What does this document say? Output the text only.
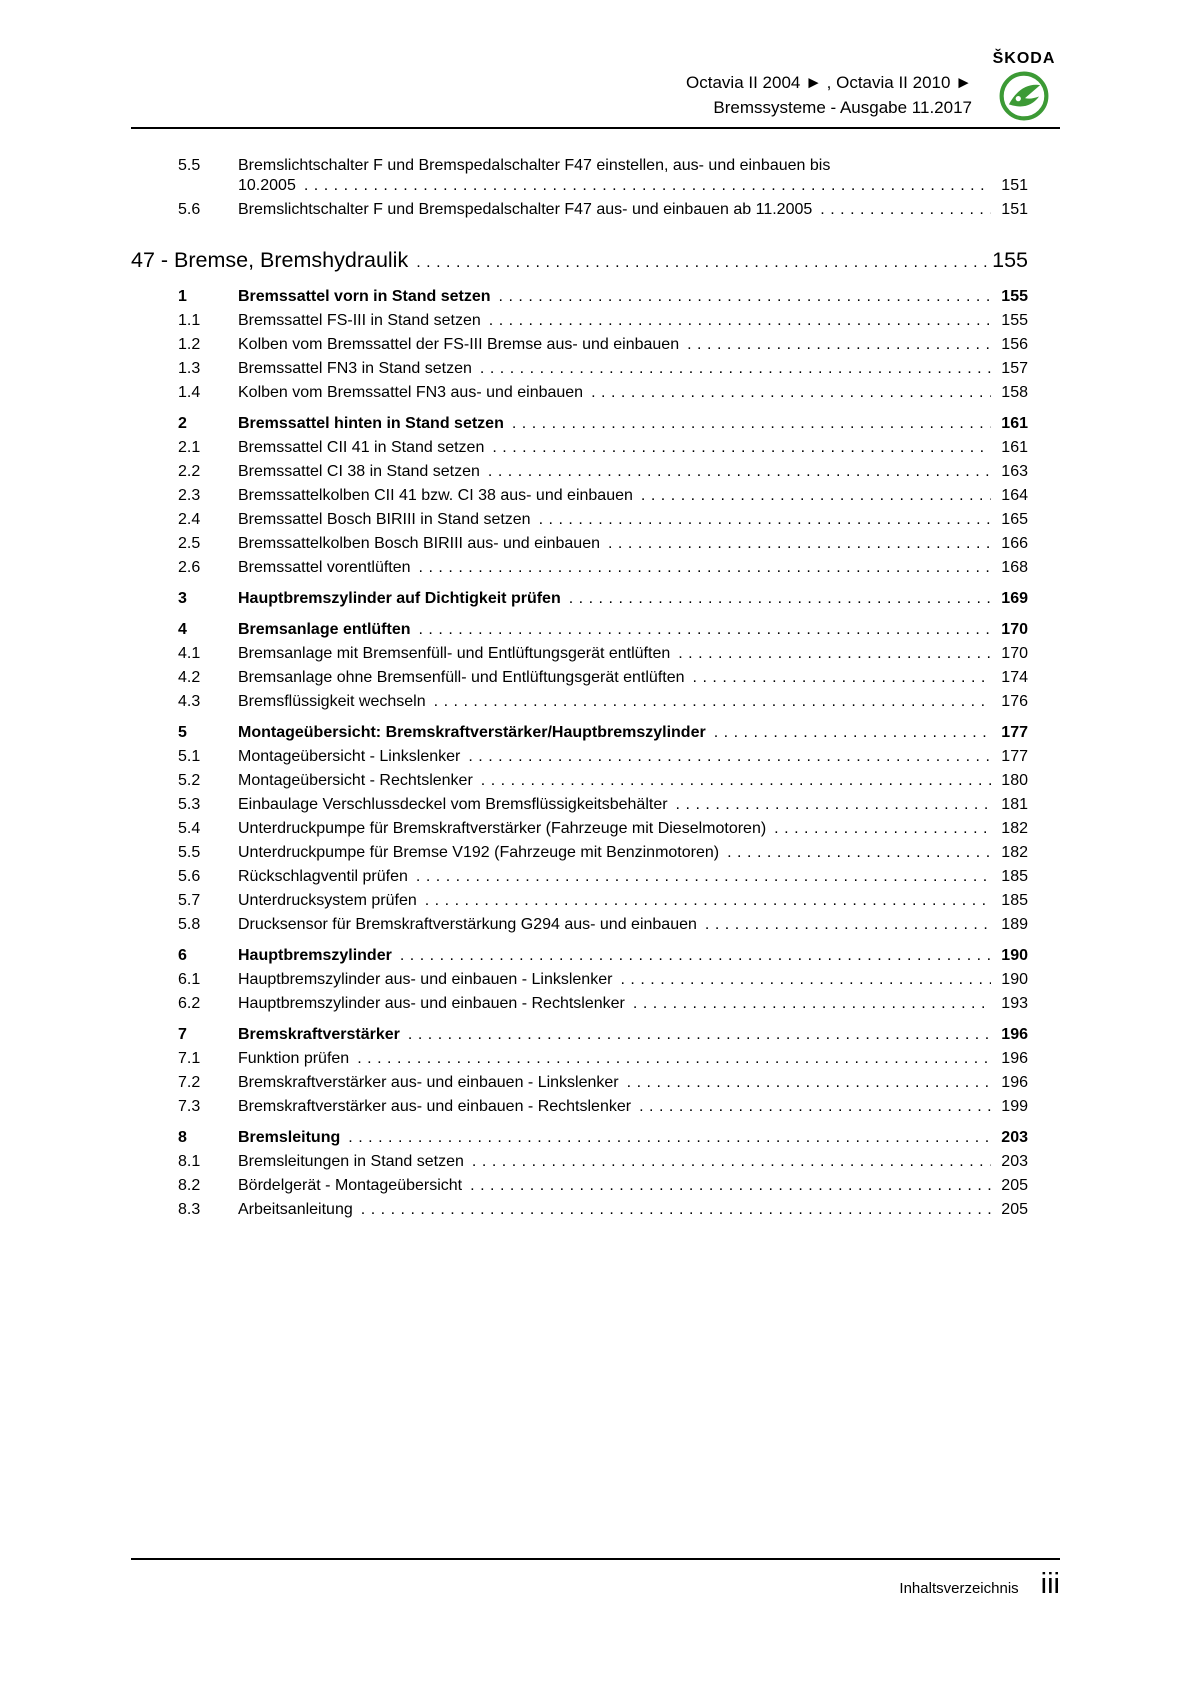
Octavia II 2004 ► , Octavia II 2010 ►
Bremssysteme - Ausgabe 11.2017
ŠKODA
5.5	Bremslichtschalter F und Bremspedalschalter F47 einstellen, aus- und einbauen bis
10.2005 .....	151
5.6	Bremslichtschalter F und Bremspedalschalter F47 aus- und einbauen ab 11.2005 .....	151
47 - Bremse, Bremshydraulik .....	155
1	Bremssattel vorn in Stand setzen .....	155
1.1	Bremssattel FS-III in Stand setzen .....	155
1.2	Kolben vom Bremssattel der FS-III Bremse aus- und einbauen .....	156
1.3	Bremssattel FN3 in Stand setzen .....	157
1.4	Kolben vom Bremssattel FN3 aus- und einbauen .....	158
2	Bremssattel hinten in Stand setzen .....	161
2.1	Bremssattel CII 41 in Stand setzen .....	161
2.2	Bremssattel CI 38 in Stand setzen .....	163
2.3	Bremssattelkolben CII 41 bzw. CI 38 aus- und einbauen .....	164
2.4	Bremssattel Bosch BIRIII in Stand setzen .....	165
2.5	Bremssattelkolben Bosch BIRIII aus- und einbauen .....	166
2.6	Bremssattel vorentlüften .....	168
3	Hauptbremszylinder auf Dichtigkeit prüfen .....	169
4	Bremsanlage entlüften .....	170
4.1	Bremsanlage mit Bremsenfüll- und Entlüftungsgerät entlüften .....	170
4.2	Bremsanlage ohne Bremsenfüll- und Entlüftungsgerät entlüften .....	174
4.3	Bremsflüssigkeit wechseln .....	176
5	Montageübersicht: Bremskraftverstärker/Hauptbremszylinder .....	177
5.1	Montageübersicht - Linkslenker .....	177
5.2	Montageübersicht - Rechtslenker .....	180
5.3	Einbaulage Verschlussdeckel vom Bremsflüssigkeitsbehälter .....	181
5.4	Unterdruckpumpe für Bremskraftverstärker (Fahrzeuge mit Dieselmotoren) .....	182
5.5	Unterdruckpumpe für Bremse V192 (Fahrzeuge mit Benzinmotoren) .....	182
5.6	Rückschlagventil prüfen .....	185
5.7	Unterdrucksystem prüfen .....	185
5.8	Drucksensor für Bremskraftverstärkung G294 aus- und einbauen .....	189
6	Hauptbremszylinder .....	190
6.1	Hauptbremszylinder aus- und einbauen - Linkslenker .....	190
6.2	Hauptbremszylinder aus- und einbauen - Rechtslenker .....	193
7	Bremskraftverstärker .....	196
7.1	Funktion prüfen .....	196
7.2	Bremskraftverstärker aus- und einbauen - Linkslenker .....	196
7.3	Bremskraftverstärker aus- und einbauen - Rechtslenker .....	199
8	Bremsleitung .....	203
8.1	Bremsleitungen in Stand setzen .....	203
8.2	Bördelgerät - Montageübersicht .....	205
8.3	Arbeitsanleitung .....	205
Inhaltsverzeichnis iii
